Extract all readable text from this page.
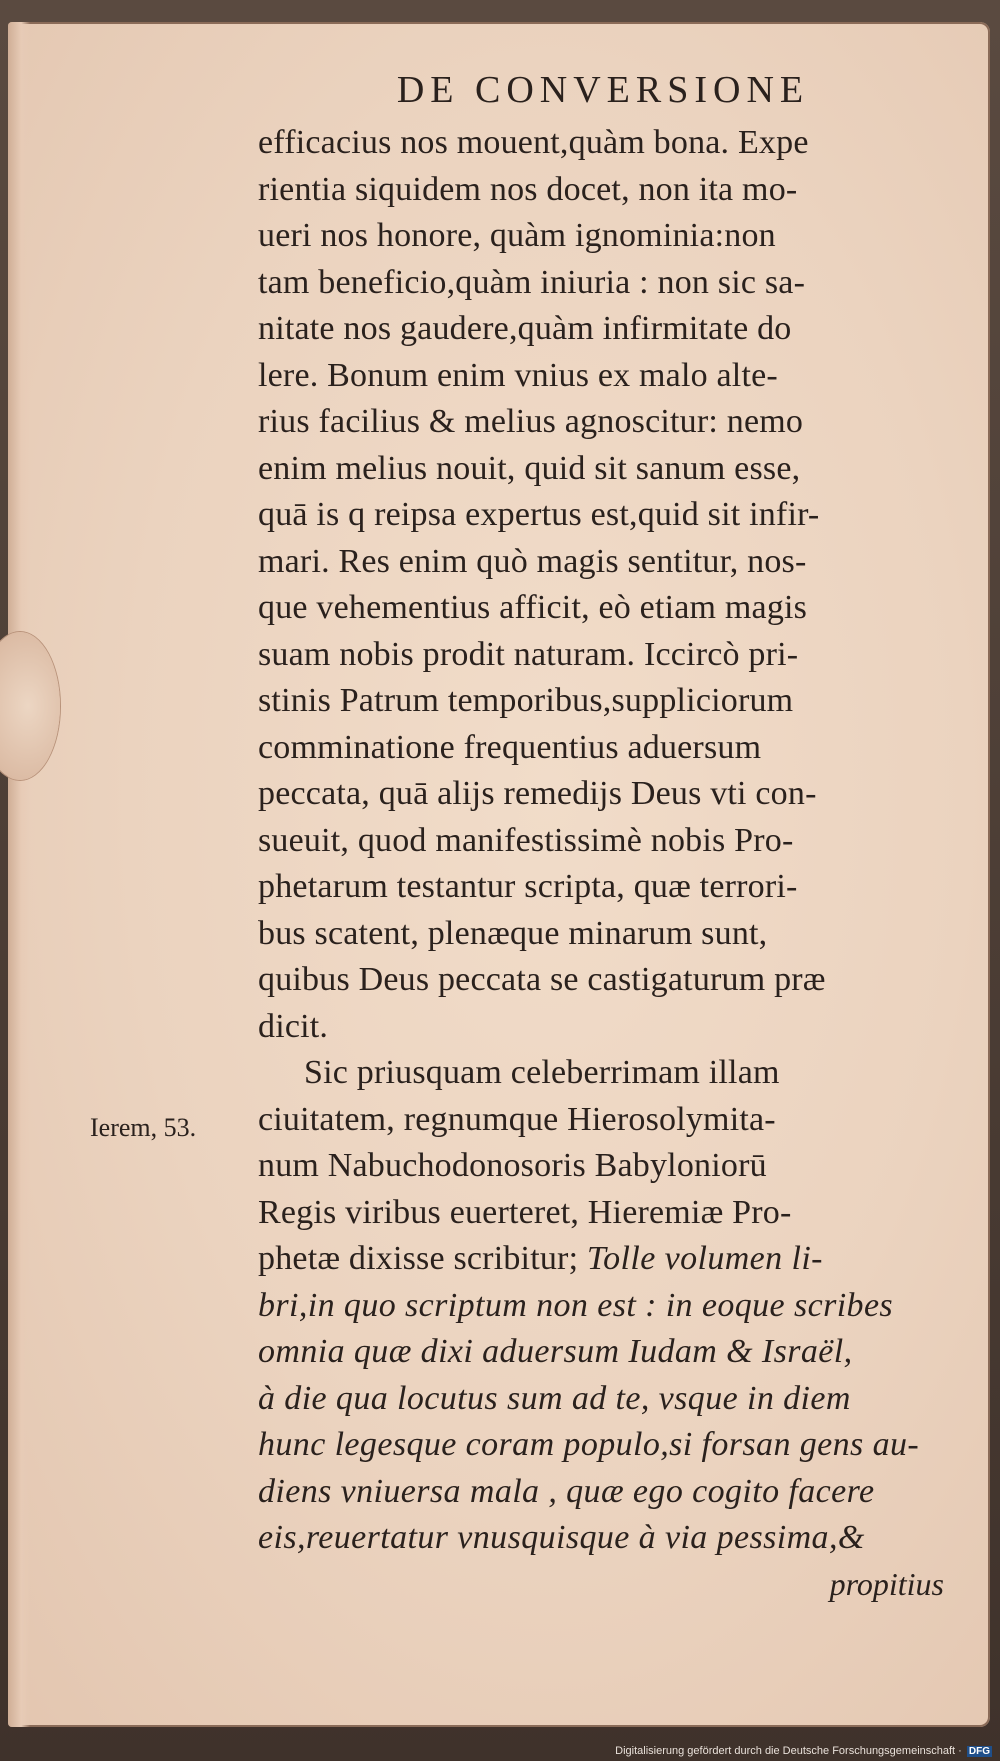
Ierem, 53.
DE CONVERSIONE
efficacius nos mouent,quàm bona. Expe
rientia siquidem nos docet, non ita mo-
ueri nos honore, quàm ignominia:non
tam beneficio,quàm iniuria : non sic sa-
nitate nos gaudere,quàm infirmitate do
lere. Bonum enim vnius ex malo alte-
rius facilius & melius agnoscitur: nemo
enim melius nouit, quid sit sanum esse,
quā is q reipsa expertus est,quid sit infir-
mari. Res enim quò magis sentitur, nos-
que vehementius afficit, eò etiam magis
suam nobis prodit naturam. Iccircò pri-
stinis Patrum temporibus,suppliciorum
comminatione frequentius aduersum
peccata, quā alijs remedijs Deus vti con-
sueuit, quod manifestissimè nobis Pro-
phetarum testantur scripta, quæ terrori-
bus scatent, plenæque minarum sunt,
quibus Deus peccata se castigaturum præ
dicit.
Sic priusquam celeberrimam illam
ciuitatem, regnumque Hierosolymita-
num Nabuchodonosoris Babyloniorū
Regis viribus euerteret, Hieremiæ Pro-
phetæ dixisse scribitur; Tolle volumen li-
bri,in quo scriptum non est : in eoque scribes
omnia quæ dixi aduersum Iudam & Israël,
à die qua locutus sum ad te, vsque in diem
hunc legesque coram populo,si forsan gens au-
diens vniuersa mala , quæ ego cogito facere
eis,reuertatur vnusquisque à via pessima,&
propitius
Digitalisierung gefördert durch die Deutsche Forschungsgemeinschaft · DFG
